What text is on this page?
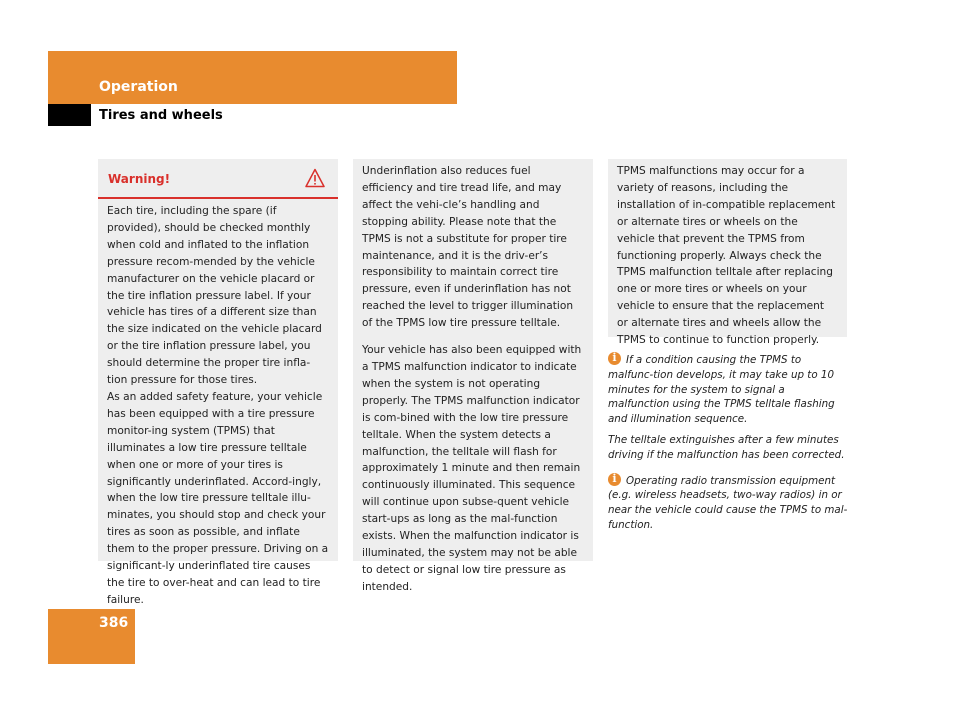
Operation
Tires and wheels
Warning!

Each tire, including the spare (if provided), should be checked monthly when cold and inflated to the inflation pressure recom-mended by the vehicle manufacturer on the vehicle placard or the tire inflation pressure label. If your vehicle has tires of a different size than the size indicated on the vehicle placard or the tire inflation pressure label, you should determine the proper tire infla-tion pressure for those tires.

As an added safety feature, your vehicle has been equipped with a tire pressure monitor-ing system (TPMS) that illuminates a low tire pressure telltale when one or more of your tires is significantly underinflated. Accord-ingly, when the low tire pressure telltale illu-minates, you should stop and check your tires as soon as possible, and inflate them to the proper pressure. Driving on a significant-ly underinflated tire causes the tire to over-heat and can lead to tire failure.

Underinflation also reduces fuel efficiency and tire tread life, and may affect the vehi-cle’s handling and stopping ability. Please note that the TPMS is not a substitute for proper tire maintenance, and it is the driv-er’s responsibility to maintain correct tire pressure, even if underinflation has not reached the level to trigger illumination of the TPMS low tire pressure telltale.

Your vehicle has also been equipped with a TPMS malfunction indicator to indicate when the system is not operating properly. The TPMS malfunction indicator is com-bined with the low tire pressure telltale. When the system detects a malfunction, the telltale will flash for approximately 1 minute and then remain continuously illuminated. This sequence will continue upon subse-quent vehicle start-ups as long as the mal-function exists. When the malfunction indicator is illuminated, the system may not be able to detect or signal low tire pressure as intended.

TPMS malfunctions may occur for a variety of reasons, including the installation of in-compatible replacement or alternate tires or wheels on the vehicle that prevent the TPMS from functioning properly. Always check the TPMS malfunction telltale after replacing one or more tires or wheels on your vehicle to ensure that the replacement or alternate tires and wheels allow the TPMS to continue to function properly.

iIf a condition causing the TPMS to malfunc-tion develops, it may take up to 10 minutes for the system to signal a malfunction using the TPMS telltale flashing and illumination sequence.

The telltale extinguishes after a few minutes driving if the malfunction has been corrected.

iOperating radio transmission equipment (e.g. wireless headsets, two-way radios) in or near the vehicle could cause the TPMS to mal-function.

386
